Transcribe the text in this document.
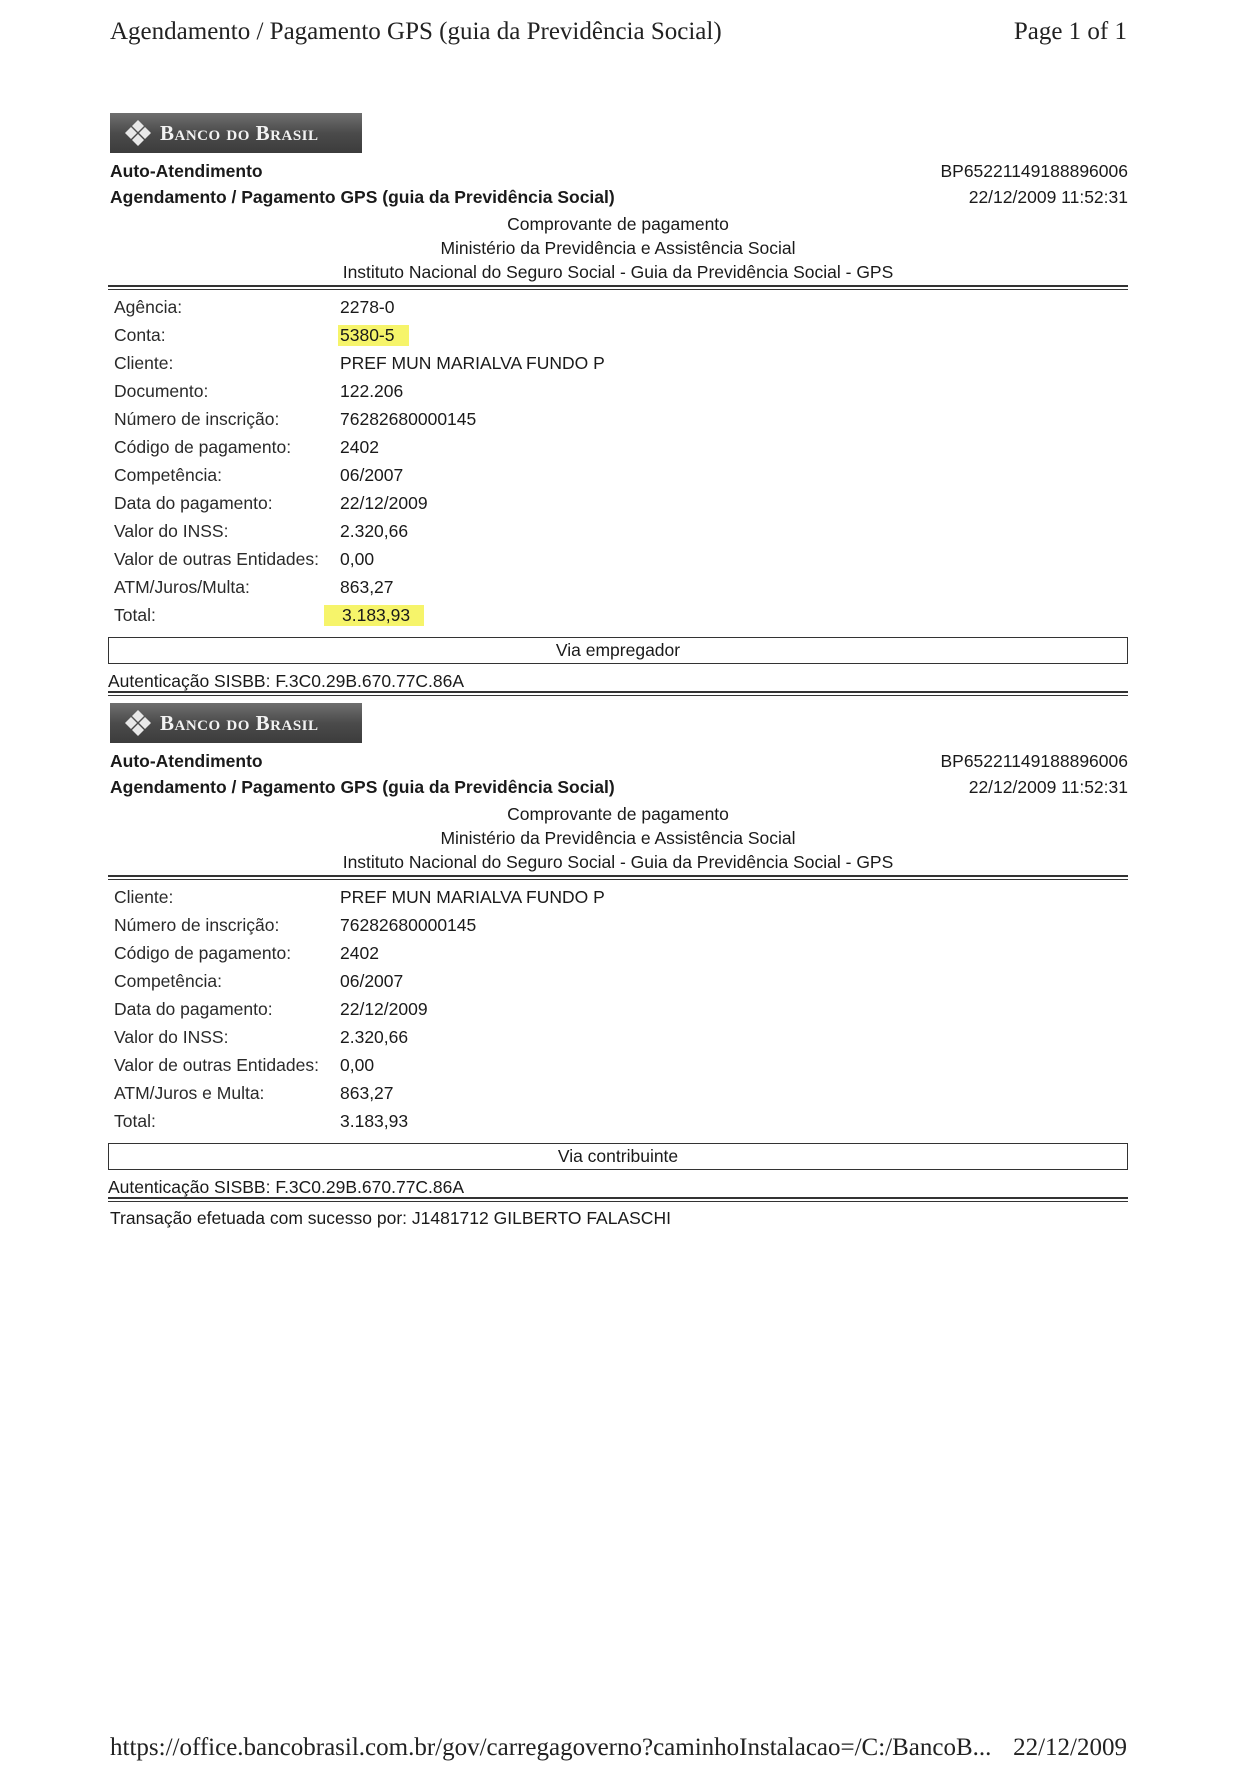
Agendamento / Pagamento GPS (guia da Previdência Social)	Page 1 of 1
Banco do Brasil
Auto-Atendimento	BP65221149188896006
Agendamento / Pagamento GPS (guia da Previdência Social)	22/12/2009 11:52:31
Comprovante de pagamento
Ministério da Previdência e Assistência Social
Instituto Nacional do Seguro Social - Guia da Previdência Social - GPS
Agência:	2278-0
Conta:	5380-5
Cliente:	PREF MUN MARIALVA FUNDO P
Documento:	122.206
Número de inscrição:	76282680000145
Código de pagamento:	2402
Competência:	06/2007
Data do pagamento:	22/12/2009
Valor do INSS:	2.320,66
Valor de outras Entidades:	0,00
ATM/Juros/Multa:	863,27
Total:	3.183,93
Via empregador
Autenticação SISBB: F.3C0.29B.670.77C.86A
Banco do Brasil
Auto-Atendimento	BP65221149188896006
Agendamento / Pagamento GPS (guia da Previdência Social)	22/12/2009 11:52:31
Comprovante de pagamento
Ministério da Previdência e Assistência Social
Instituto Nacional do Seguro Social - Guia da Previdência Social - GPS
Cliente:	PREF MUN MARIALVA FUNDO P
Número de inscrição:	76282680000145
Código de pagamento:	2402
Competência:	06/2007
Data do pagamento:	22/12/2009
Valor do INSS:	2.320,66
Valor de outras Entidades:	0,00
ATM/Juros e Multa:	863,27
Total:	3.183,93
Via contribuinte
Autenticação SISBB: F.3C0.29B.670.77C.86A
Transação efetuada com sucesso por: J1481712 GILBERTO FALASCHI
https://office.bancobrasil.com.br/gov/carregagoverno?caminhoInstalacao=/C:/BancoB... 22/12/2009
